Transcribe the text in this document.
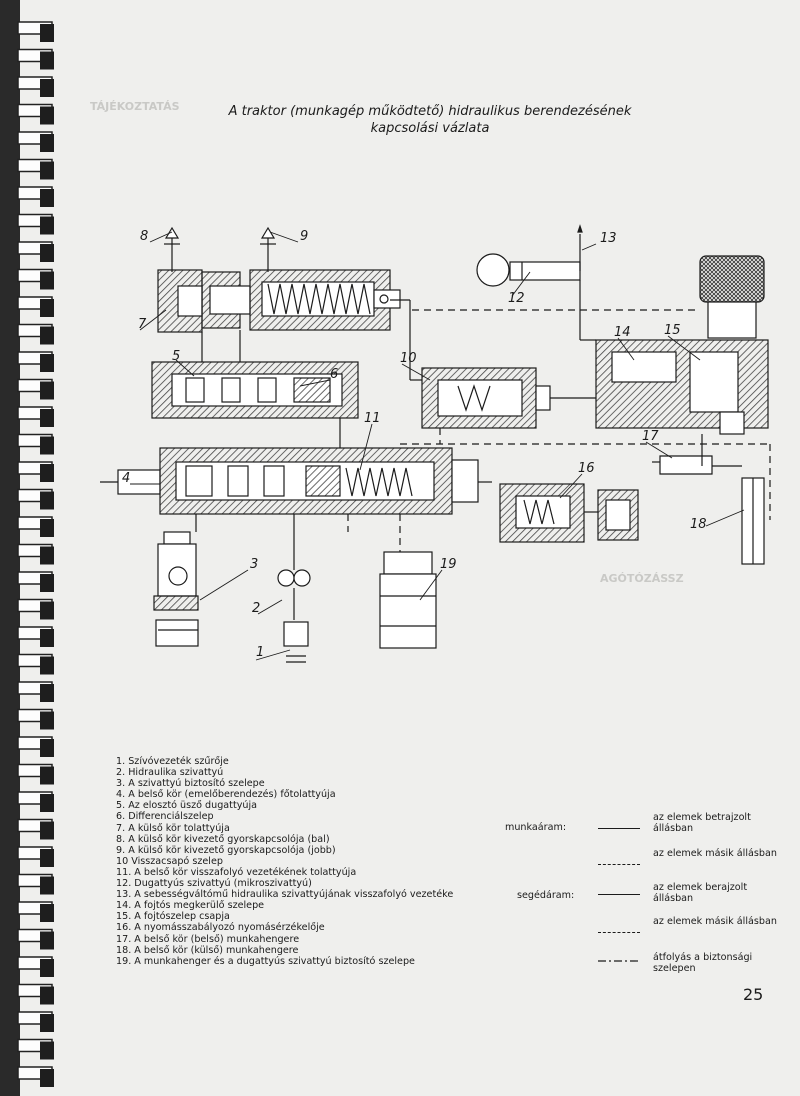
TÁJÉKOZTATÁS
AGÓTÓZÁSSZ
A traktor (munkagép működtető) hidraulikus berendezésének
kapcsolási vázlata
1
2
3
4
5
6
7
8	9
10
11
12
13
14	15
16
17
18
19
1. Szívóvezeték szűrője
2. Hidraulika szivattyú
3. A szivattyú biztosító szelepe
4. A belső kör (emelőberendezés) főtolattyúja
5. Az elosztó üsző dugattyúja
6. Differenciálszelep
7. A külső kör tolattyúja
8. A külső kör kivezető gyorskapcsolója (bal)
9. A külső kör kivezető gyorskapcsolója (jobb)
10 Visszacsapó szelep
11. A belső kör visszafolyó vezetékének tolattyúja
12. Dugattyús szivattyú (mikroszivattyú)
13. A sebességváltómű hidraulika szivattyújának visszafolyó vezetéke
14. A fojtós megkerülő szelepe
15. A fojtószelep csapja
16. A nyomásszabályozó nyomásérzékelője
17. A belső kör (belső) munkahengere
18. A belső kör (külső) munkahengere
19. A munkahenger és a dugattyús szivattyú biztosító szelepe
munkaáram:
az elemek betrajzolt állásban
az elemek másik állásban
segédáram:
az elemek berajzolt állásban
az elemek másik állásban
átfolyás a biztonsági szelepen
25
